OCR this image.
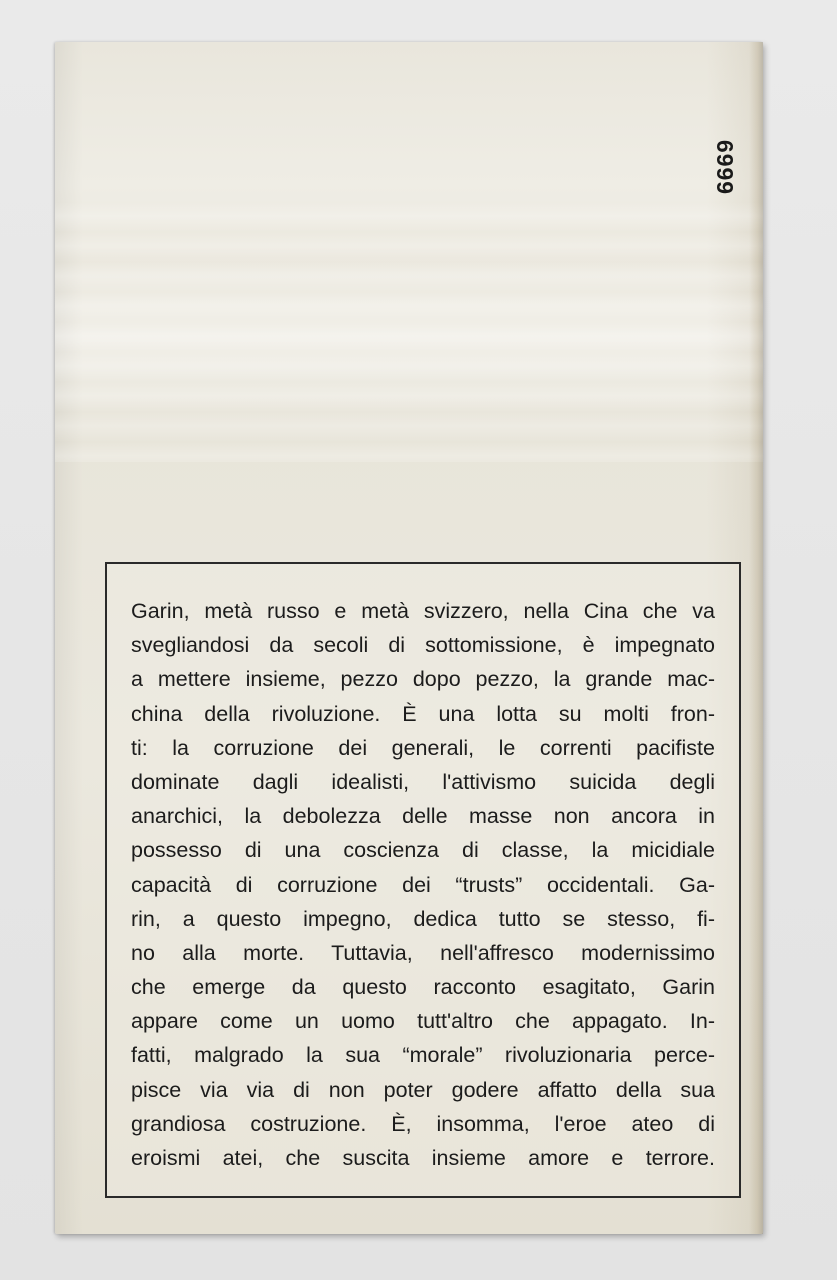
6999
Garin, metà russo e metà svizzero, nella Cina che va
svegliandosi da secoli di sottomissione, è impegnato
a mettere insieme, pezzo dopo pezzo, la grande mac-
china della rivoluzione. È una lotta su molti fron-
ti: la corruzione dei generali, le correnti pacifiste
dominate dagli idealisti, l'attivismo suicida degli
anarchici, la debolezza delle masse non ancora in
possesso di una coscienza di classe, la micidiale
capacità di corruzione dei “trusts” occidentali. Ga-
rin, a questo impegno, dedica tutto se stesso, fi-
no alla morte. Tuttavia, nell'affresco modernissimo
che emerge da questo racconto esagitato, Garin
appare come un uomo tutt'altro che appagato. In-
fatti, malgrado la sua “morale” rivoluzionaria perce-
pisce via via di non poter godere affatto della sua
grandiosa costruzione. È, insomma, l'eroe ateo di
eroismi atei, che suscita insieme amore e terrore.
